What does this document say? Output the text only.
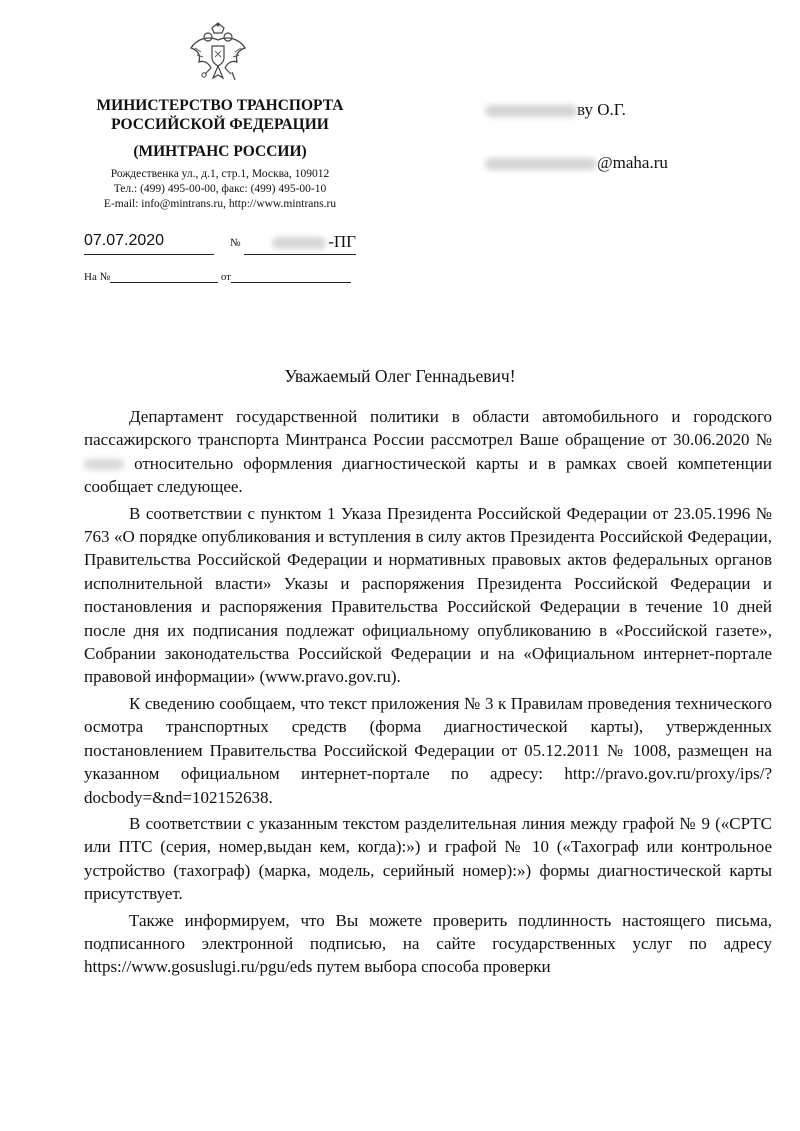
МИНИСТЕРСТВО ТРАНСПОРТА
РОССИЙСКОЙ ФЕДЕРАЦИИ
(МИНТРАНС РОССИИ)
Рождественка ул., д.1, стр.1, Москва, 109012
Тел.: (499) 495-00-00, факс: (499) 495-00-10
E-mail: info@mintrans.ru, http://www.mintrans.ru
07.07.2020	№	-ПГ
На №	от
ву О.Г.
@maha.ru
Уважаемый Олег Геннадьевич!

Департамент государственной политики в области автомобильного и городского пассажирского транспорта Минтранса России рассмотрел Ваше обращение от 30.06.2020 №  относительно оформления диагностической карты и в рамках своей компетенции сообщает следующее.

В соответствии с пунктом 1 Указа Президента Российской Федерации от 23.05.1996 № 763 «О порядке опубликования и вступления в силу актов Президента Российской Федерации, Правительства Российской Федерации и нормативных правовых актов федеральных органов исполнительной власти» Указы и распоряжения Президента Российской Федерации и постановления и распоряжения Правительства Российской Федерации в течение 10 дней после дня их подписания подлежат официальному опубликованию в «Российской газете», Собрании законодательства Российской Федерации и на «Официальном интернет-портале правовой информации» (www.pravo.gov.ru).

К сведению сообщаем, что текст приложения № 3 к Правилам проведения технического осмотра транспортных средств (форма диагностической карты), утвержденных постановлением Правительства Российской Федерации от 05.12.2011 № 1008, размещен на указанном официальном интернет-портале по адресу: http://pravo.gov.ru/proxy/ips/?docbody=&nd=102152638.

В соответствии с указанным текстом разделительная линия между графой № 9 («СРТС или ПТС (серия, номер,выдан кем, когда):») и графой № 10 («Тахограф или контрольное устройство (тахограф) (марка, модель, серийный номер):») формы диагностической карты присутствует.

Также информируем, что Вы можете проверить подлинность настоящего письма, подписанного электронной подписью, на сайте государственных услуг по адресу https://www.gosuslugi.ru/pgu/eds путем выбора способа проверки
